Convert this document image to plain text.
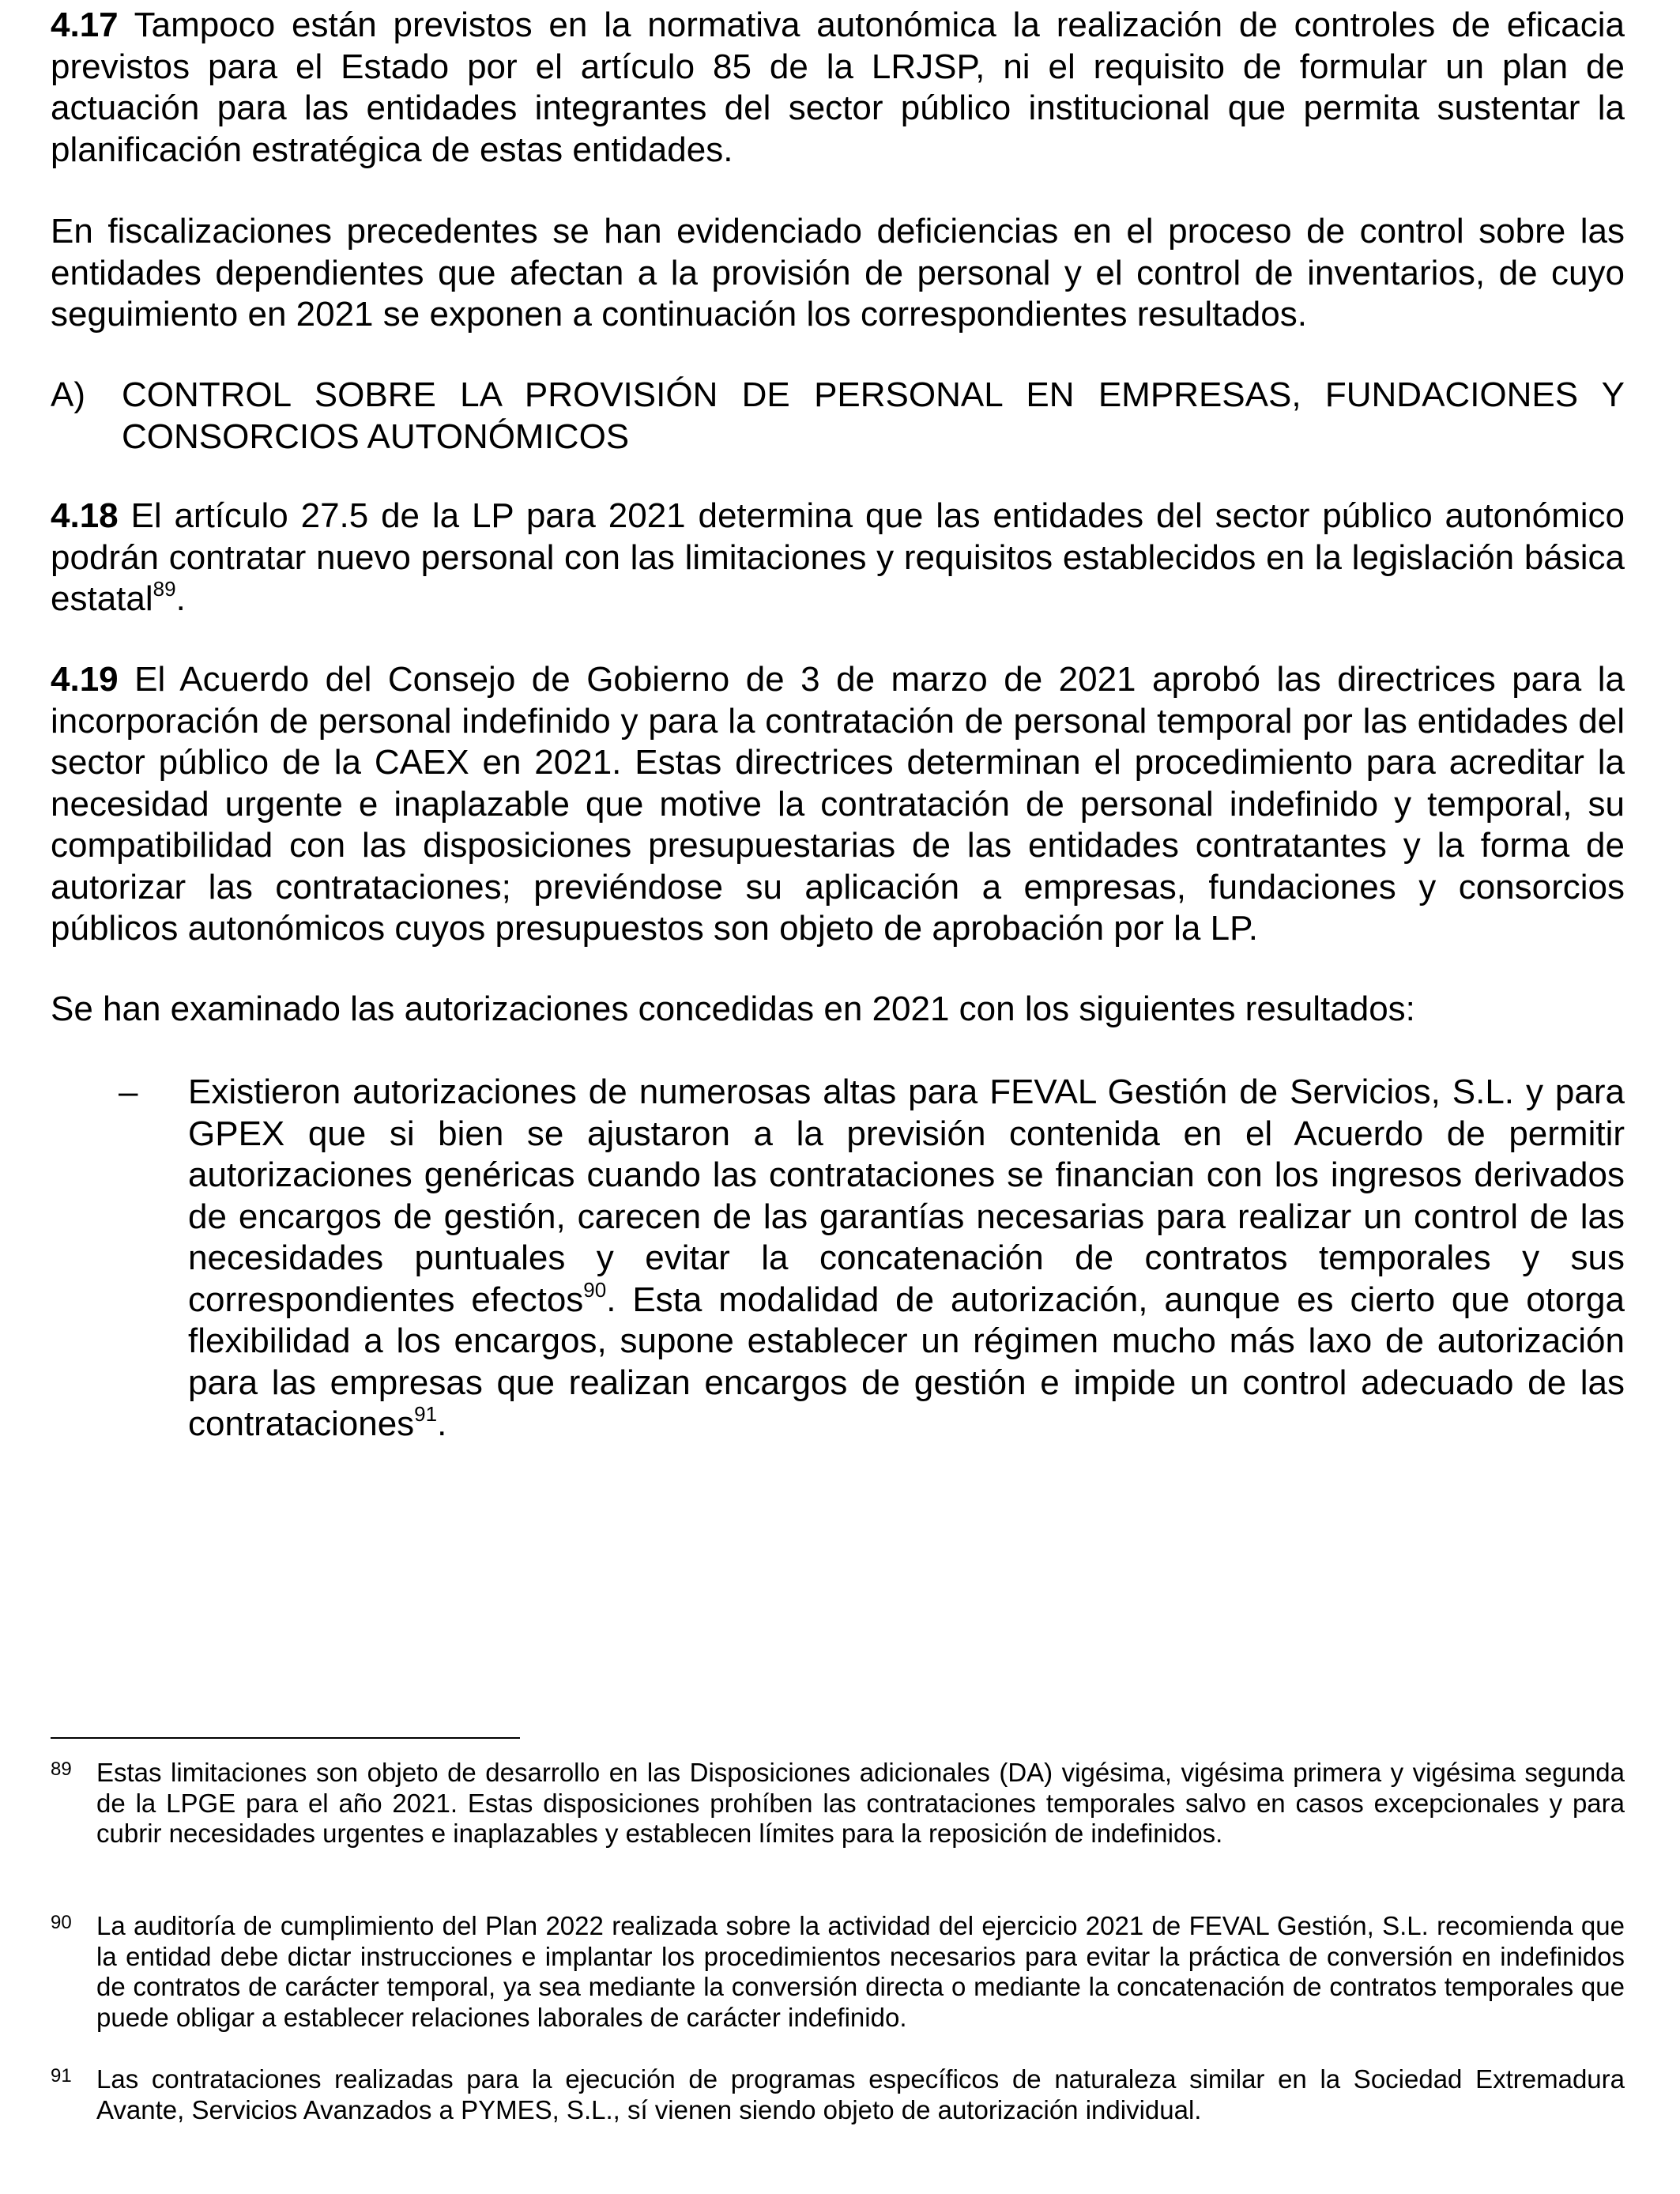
4.17 Tampoco están previstos en la normativa autonómica la realización de controles de eficacia previstos para el Estado por el artículo 85 de la LRJSP, ni el requisito de formular un plan de actuación para las entidades integrantes del sector público institucional que permita sustentar la planificación estratégica de estas entidades.

En fiscalizaciones precedentes se han evidenciado deficiencias en el proceso de control sobre las entidades dependientes que afectan a la provisión de personal y el control de inventarios, de cuyo seguimiento en 2021 se exponen a continuación los correspondientes resultados.

A) CONTROL SOBRE LA PROVISIÓN DE PERSONAL EN EMPRESAS, FUNDACIONES Y CONSORCIOS AUTONÓMICOS

4.18 El artículo 27.5 de la LP para 2021 determina que las entidades del sector público autonómico podrán contratar nuevo personal con las limitaciones y requisitos establecidos en la legislación básica estatal$^{89}$.

4.19 El Acuerdo del Consejo de Gobierno de 3 de marzo de 2021 aprobó las directrices para la incorporación de personal indefinido y para la contratación de personal temporal por las entidades del sector público de la CAEX en 2021. Estas directrices determinan el procedimiento para acreditar la necesidad urgente e inaplazable que motive la contratación de personal indefinido y temporal, su compatibilidad con las disposiciones presupuestarias de las entidades contratantes y la forma de autorizar las contrataciones; previéndose su aplicación a empresas, fundaciones y consorcios públicos autonómicos cuyos presupuestos son objeto de aprobación por la LP.

Se han examinado las autorizaciones concedidas en 2021 con los siguientes resultados:

– Existieron autorizaciones de numerosas altas para FEVAL Gestión de Servicios, S.L. y para GPEX que si bien se ajustaron a la previsión contenida en el Acuerdo de permitir autorizaciones genéricas cuando las contrataciones se financian con los ingresos derivados de encargos de gestión, carecen de las garantías necesarias para realizar un control de las necesidades puntuales y evitar la concatenación de contratos temporales y sus correspondientes efectos$^{90}$. Esta modalidad de autorización, aunque es cierto que otorga flexibilidad a los encargos, supone establecer un régimen mucho más laxo de autorización para las empresas que realizan encargos de gestión e impide un control adecuado de las contrataciones$^{91}$.
89 Estas limitaciones son objeto de desarrollo en las Disposiciones adicionales (DA) vigésima, vigésima primera y vigésima segunda de la LPGE para el año 2021. Estas disposiciones prohíben las contrataciones temporales salvo en casos excepcionales y para cubrir necesidades urgentes e inaplazables y establecen límites para la reposición de indefinidos.
90 La auditoría de cumplimiento del Plan 2022 realizada sobre la actividad del ejercicio 2021 de FEVAL Gestión, S.L. recomienda que la entidad debe dictar instrucciones e implantar los procedimientos necesarios para evitar la práctica de conversión en indefinidos de contratos de carácter temporal, ya sea mediante la conversión directa o mediante la concatenación de contratos temporales que puede obligar a establecer relaciones laborales de carácter indefinido.
91 Las contrataciones realizadas para la ejecución de programas específicos de naturaleza similar en la Sociedad Extremadura Avante, Servicios Avanzados a PYMES, S.L., sí vienen siendo objeto de autorización individual.
